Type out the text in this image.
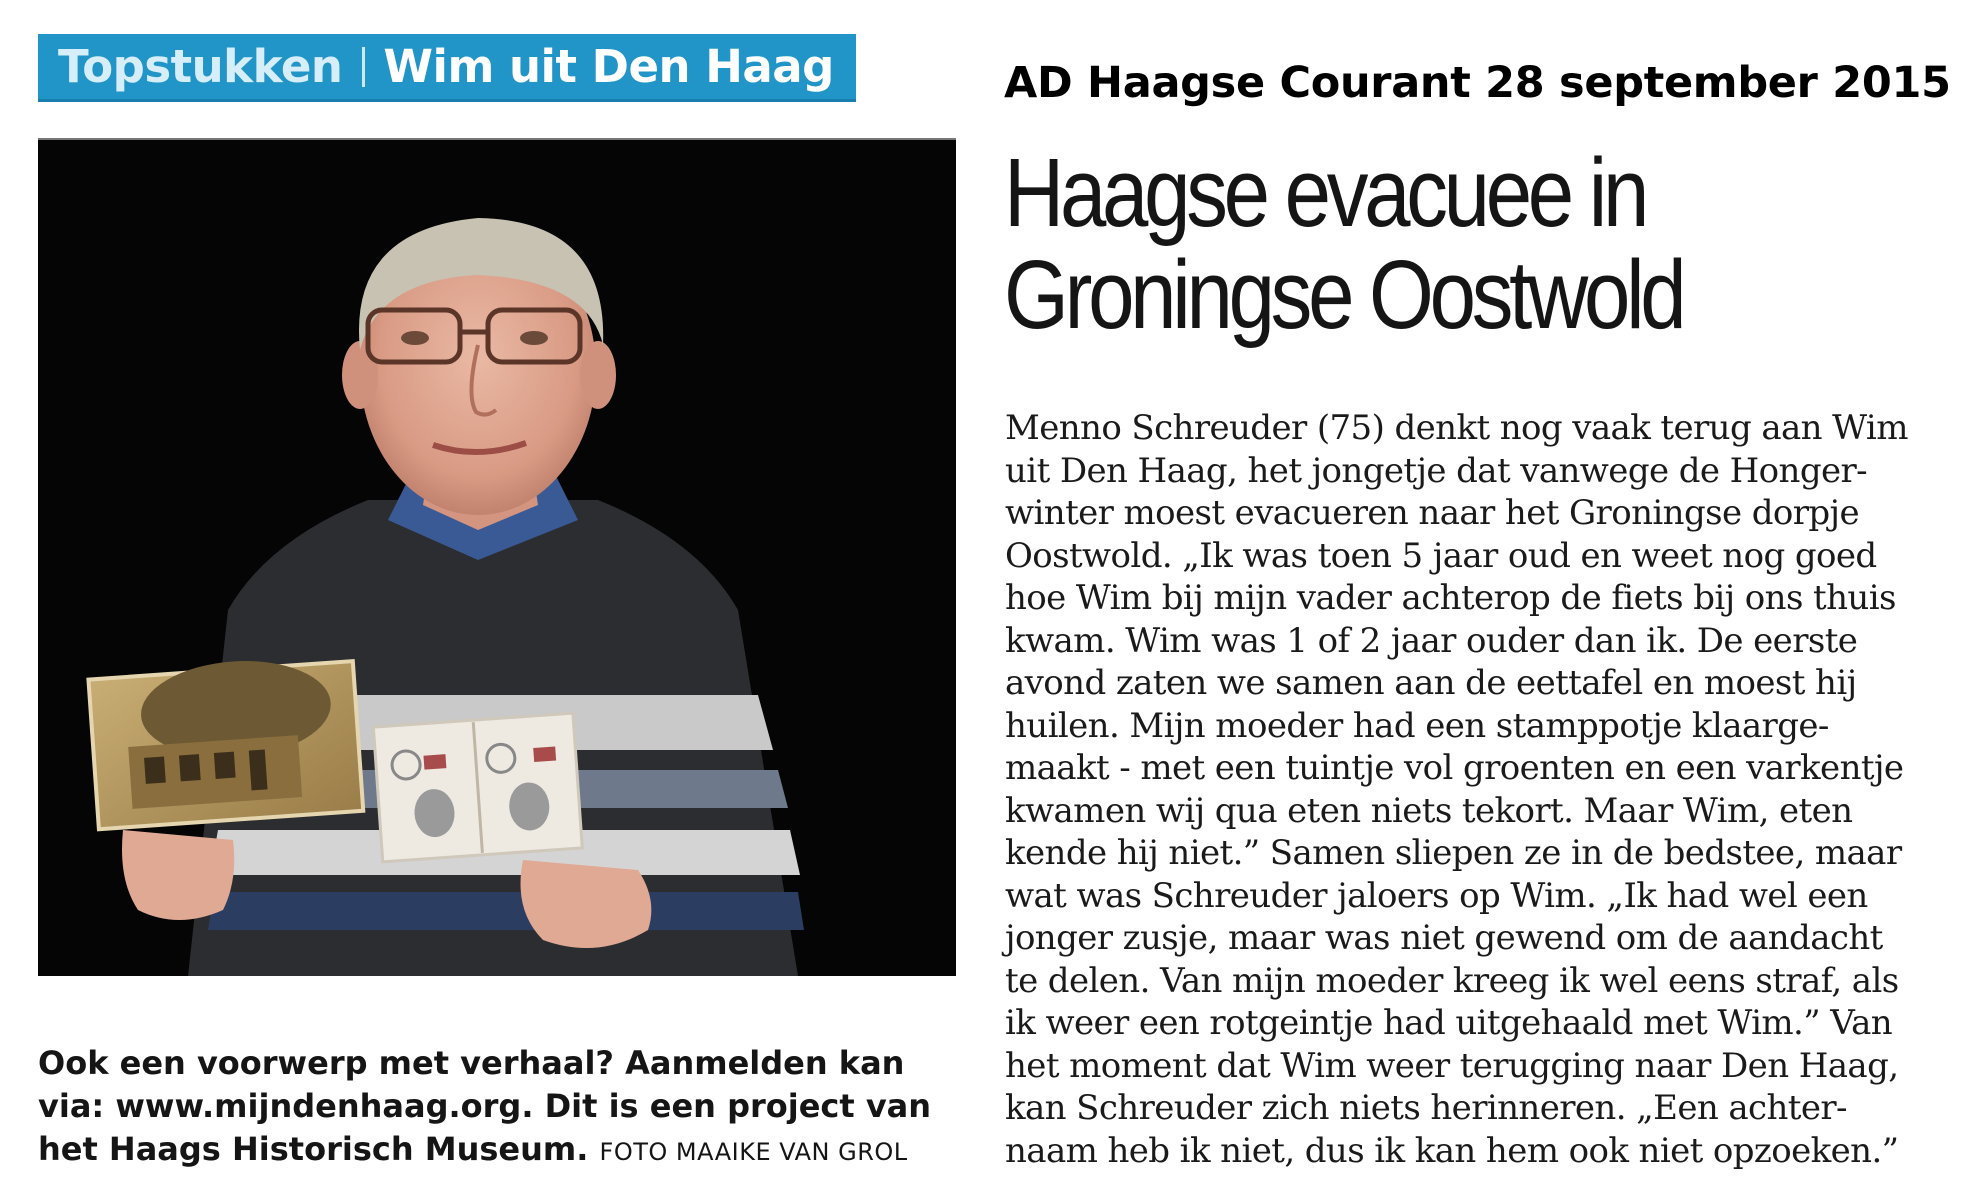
Topstukken Wim uit Den Haag	AD Haagse Courant 28 september 2015
Ook een voorwerp met verhaal? Aanmelden kan
via: www.mijndenhaag.org. Dit is een project van
het Haags Historisch Museum. FOTO MAAIKE VAN GROL
Haagse evacuee in
Groningse Oostwold
Menno Schreuder (75) denkt nog vaak terug aan Wim
uit Den Haag, het jongetje dat vanwege de Honger-
winter moest evacueren naar het Groningse dorpje
Oostwold. „Ik was toen 5 jaar oud en weet nog goed
hoe Wim bij mijn vader achterop de fiets bij ons thuis
kwam. Wim was 1 of 2 jaar ouder dan ik. De eerste
avond zaten we samen aan de eettafel en moest hij
huilen. Mijn moeder had een stamppotje klaarge-
maakt - met een tuintje vol groenten en een varkentje
kwamen wij qua eten niets tekort. Maar Wim, eten
kende hij niet.” Samen sliepen ze in de bedstee, maar
wat was Schreuder jaloers op Wim. „Ik had wel een
jonger zusje, maar was niet gewend om de aandacht
te delen. Van mijn moeder kreeg ik wel eens straf, als
ik weer een rotgeintje had uitgehaald met Wim.” Van
het moment dat Wim weer terugging naar Den Haag,
kan Schreuder zich niets herinneren. „Een achter-
naam heb ik niet, dus ik kan hem ook niet opzoeken.”
